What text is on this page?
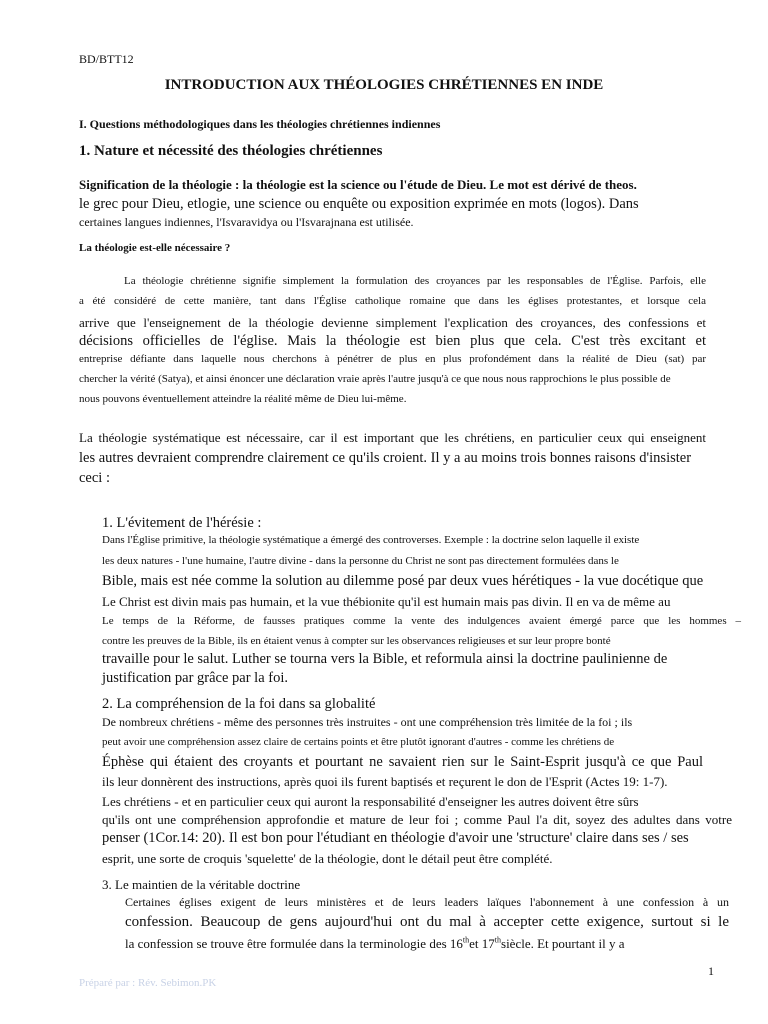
BD/BTT12
INTRODUCTION AUX THÉOLOGIES CHRÉTIENNES EN INDE
I. Questions méthodologiques dans les théologies chrétiennes indiennes
1. Nature et nécessité des théologies chrétiennes
Signification de la théologie : la théologie est la science ou l'étude de Dieu. Le mot est dérivé de theos.
le grec pour Dieu, etlogie, une science ou enquête ou exposition exprimée en mots (logos). Dans
certaines langues indiennes, l'Isvaravidya ou l'Isvarajnana est utilisée.
La théologie est-elle nécessaire ?
La théologie chrétienne signifie simplement la formulation des croyances par les responsables de l'Église. Parfois, elle
a été considéré de cette manière, tant dans l'Église catholique romaine que dans les églises protestantes, et lorsque cela
arrive que l'enseignement de la théologie devienne simplement l'explication des croyances, des confessions et
décisions officielles de l'église. Mais la théologie est bien plus que cela. C'est très excitant et
entreprise défiante dans laquelle nous cherchons à pénétrer de plus en plus profondément dans la réalité de Dieu (sat) par
chercher la vérité (Satya), et ainsi énoncer une déclaration vraie après l'autre jusqu'à ce que nous nous rapprochions le plus possible de
nous pouvons éventuellement atteindre la réalité même de Dieu lui-même.
La théologie systématique est nécessaire, car il est important que les chrétiens, en particulier ceux qui enseignent
les autres devraient comprendre clairement ce qu'ils croient. Il y a au moins trois bonnes raisons d'insister
ceci :
1. L'évitement de l'hérésie :
Dans l'Église primitive, la théologie systématique a émergé des controverses. Exemple : la doctrine selon laquelle il existe
les deux natures - l'une humaine, l'autre divine - dans la personne du Christ ne sont pas directement formulées dans le
Bible, mais est née comme la solution au dilemme posé par deux vues hérétiques - la vue docétique que
Le Christ est divin mais pas humain, et la vue thébionite qu'il est humain mais pas divin. Il en va de même au
Le temps de la Réforme, de fausses pratiques comme la vente des indulgences avaient émergé parce que les hommes –
contre les preuves de la Bible, ils en étaient venus à compter sur les observances religieuses et sur leur propre bonté
travaille pour le salut. Luther se tourna vers la Bible, et reformula ainsi la doctrine paulinienne de
justification par grâce par la foi.
2. La compréhension de la foi dans sa globalité
De nombreux chrétiens - même des personnes très instruites - ont une compréhension très limitée de la foi ; ils
peut avoir une compréhension assez claire de certains points et être plutôt ignorant d'autres - comme les chrétiens de
Éphèse qui étaient des croyants et pourtant ne savaient rien sur le Saint-Esprit jusqu'à ce que Paul
ils leur donnèrent des instructions, après quoi ils furent baptisés et reçurent le don de l'Esprit (Actes 19: 1-7).
Les chrétiens - et en particulier ceux qui auront la responsabilité d'enseigner les autres doivent être sûrs
qu'ils ont une compréhension approfondie et mature de leur foi ; comme Paul l'a dit, soyez des adultes dans votre
penser (1Cor.14: 20). Il est bon pour l'étudiant en théologie d'avoir une 'structure' claire dans ses / ses
esprit, une sorte de croquis 'squelette' de la théologie, dont le détail peut être complété.
3. Le maintien de la véritable doctrine
Certaines églises exigent de leurs ministères et de leurs leaders laïques l'abonnement à une confession à un
confession. Beaucoup de gens aujourd'hui ont du mal à accepter cette exigence, surtout si le
la confession se trouve être formulée dans la terminologie des 16thet 17thsiècle. Et pourtant il y a
1
Préparé par : Rév. Sebimon.PK
